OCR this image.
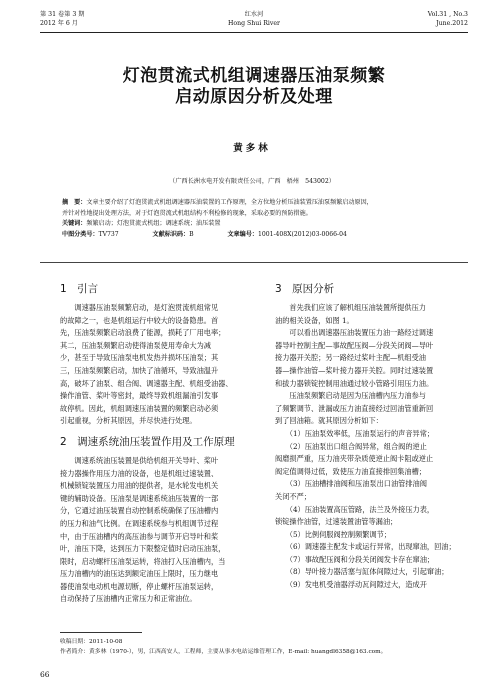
第 31 卷第 3 期
2012 年 6 月
红水河
Hong Shui River
Vol.31 , No.3
June.2012
灯泡贯流式机组调速器压油泵频繁
启动原因分析及处理
黄多林
（广西长洲水电开发有限责任公司，广西　梧州　543002）
摘　要：文章主要介绍了灯泡贯流式机组调速器压油装置的工作原理，全方位地分析压油装置压油泵频繁启动原因，
并针对性地提出处理方法，对于灯泡贯流式机组结构不利检修的现象，采取必要的预防措施。
关键词：频繁启动；灯泡贯流式机组；调速系统；油压装置
中图分类号：TV737	文献标识码：B	文章编号：1001-408X(2012)03-0066-04
1　引言
　　调速器压油泵频繁启动，是灯泡贯流机组常见
的故障之一，也是机组运行中较大的设备隐患。首
先，压油泵频繁启动浪费了能源，损耗了厂用电率；
其二，压油泵频繁启动使得油泵使用寿命大为减
少，甚至于导致压油泵电机发热并损坏压油泵；其
三，压油泵频繁启动，加快了油循环，导致油温升
高，破坏了油泵、组合阀、调速器主配、机组受油器、
操作油管、桨叶等密封，最终导致机组漏油引发事
故停机。因此，机组调速压油装置的频繁启动必须
引起重视，分析其原因，并尽快进行处理。
2　调速系统油压装置作用及工作原理
　　调速系统油压装置是供给机组开关导叶、桨叶
接力器操作用压力油的设备，也是机组过速装置、
机械锁锭装置压力用油的提供者，是水轮发电机关
键的辅助设备。压油泵是调速系统油压装置的一部
分，它通过油压装置自动控制系统确保了压油槽内
的压力和油气比例。在调速系统参与机组调节过程
中，由于压油槽内的高压油参与调节开启导叶和桨
叶，油压下降，达到压力下限整定值时启动压油泵，
限时，启动螺杆压油泵运转，将油打入压油槽内，当
压力油槽内的油压达到额定油压上限时，压力继电
器使油泵电动机电源切断，停止螺杆压油泵运转，
自动保持了压油槽内正常压力和正常油位。
3　原因分析
　　首先我们应该了解机组压油装置所提供压力
油的相关设备，如图 1。
　　可以看出调速器压油装置压力油一路经过调速
器导叶控制主配—事故配压阀—分段关闭阀—导叶
接力器开关腔；另一路经过桨叶主配—机组受油
器—操作油管—桨叶接力器开关腔。同时过速装置
和拔力器锁锭控制用油通过较小管路引用压力油。
　　压油泵频繁启动是因为压油槽内压力油参与
了频繁调节、泄漏或压力油直接经过回油管重新回
到了回油箱。就其原因分析如下：
　　（1）压油泵效率低，压油泵运行的声音异常；
　　（2）压油泵出口组合阀异常，组合阀的逆止
阀磨损严重，压力油夹带杂质使逆止阀卡阻或逆止
阀定值调得过低，致使压力油直接排回集油槽；
　　（3）压油槽排油阀和压油泵出口油管排油阀
关闭不严；
　　（4）压油装置高压管路，法兰及外接压力表，
锁锭操作油管，过速装置油管等漏油；
　　（5）比例伺服阀控制频繁调节；
　　（6）调速器主配发卡或运行异常，出现窜油，回油；
　　（7）事故配压阀和分段关闭阀发卡存在窜油；
　　（8）导叶接力器活塞与缸体间隙过大，引起窜油；
　　（9）发电机受油器浮动瓦间隙过大，造成开
收稿日期：2011-10-08
作者简介：黄多林（1970-），男，江西高安人，工程师，主要从事水电站运维管理工作，E-mail: huangdl6358@163.com。
66
